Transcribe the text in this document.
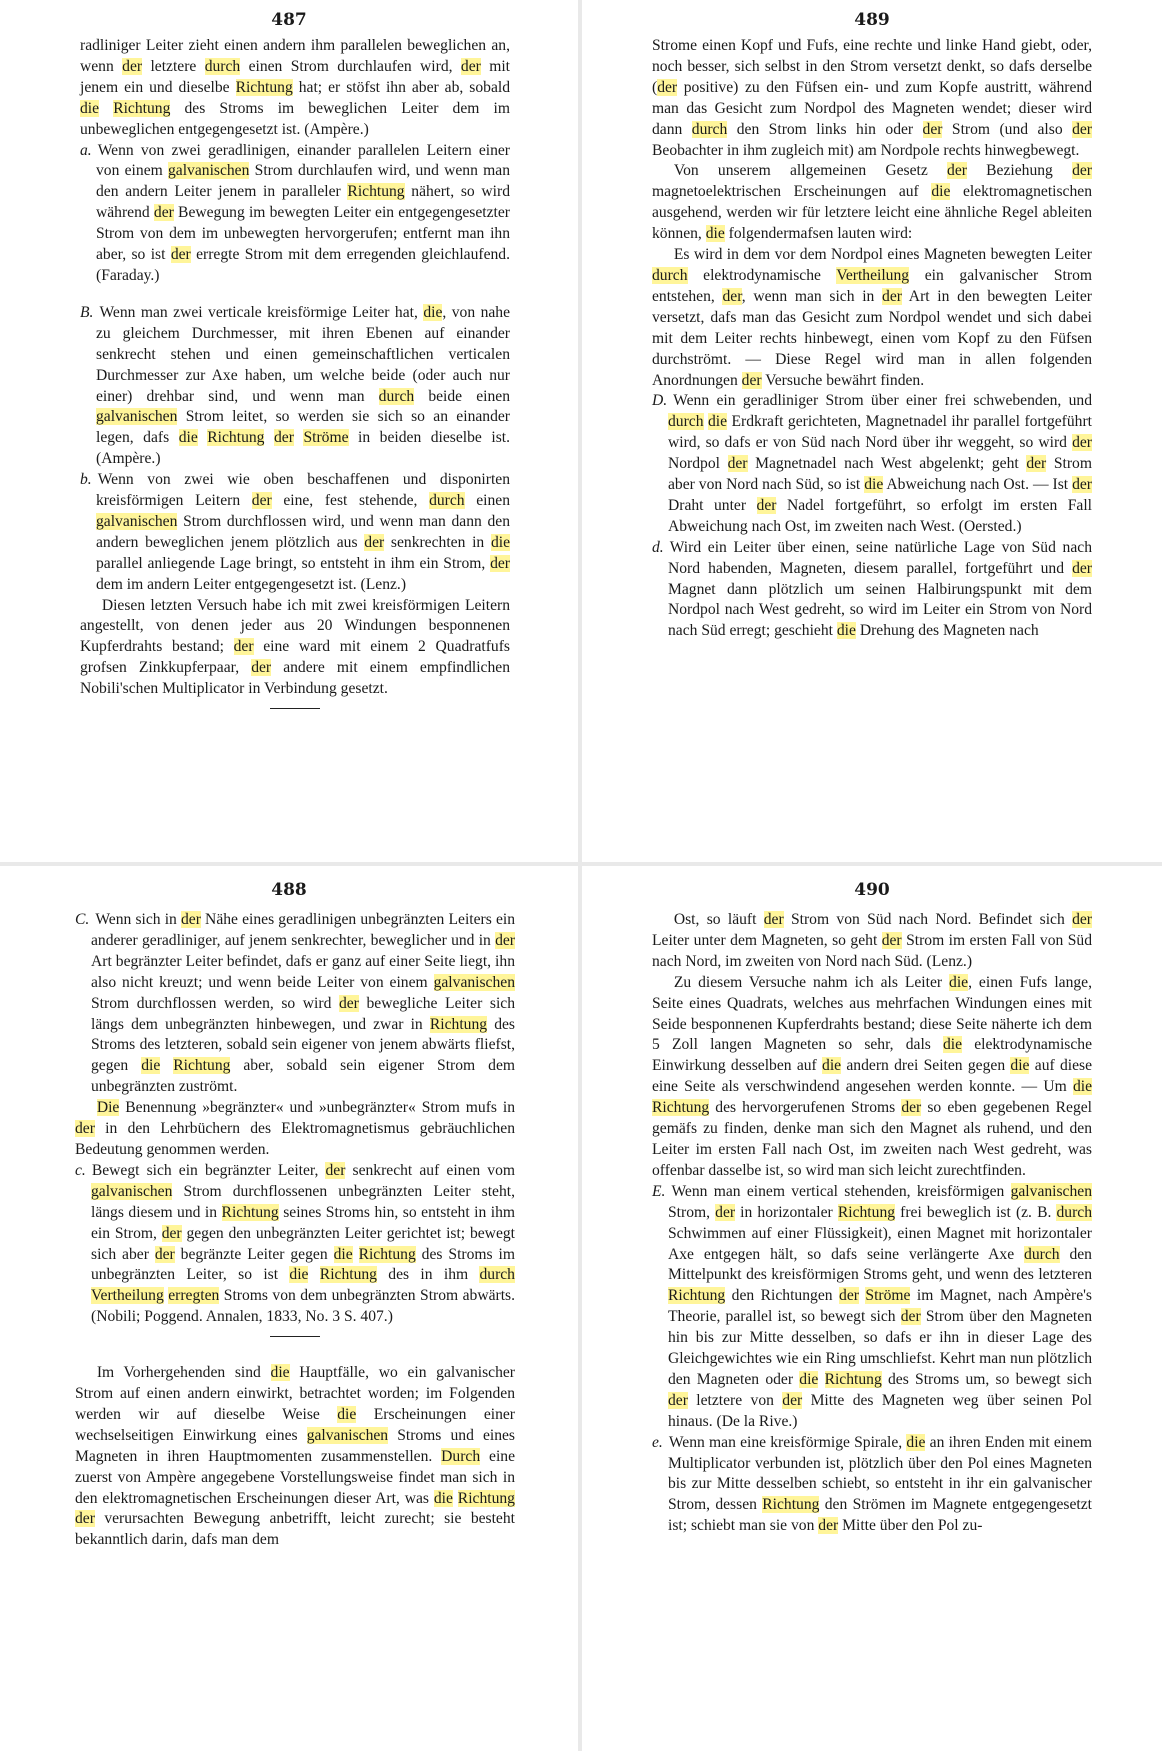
487

radliniger Leiter zieht einen andern ihm parallelen beweglichen an, wenn der letztere durch einen Strom durchlaufen wird, der mit jenem ein und dieselbe Richtung hat; er stöfst ihn aber ab, sobald die Richtung des Stroms im beweglichen Leiter dem im unbeweglichen entgegengesetzt ist. (Ampère.)

a. Wenn von zwei geradlinigen, einander parallelen Leitern einer von einem galvanischen Strom durchlaufen wird, und wenn man den andern Leiter jenem in paralleler Richtung nähert, so wird während der Bewegung im bewegten Leiter ein entgegengesetzter Strom von dem im unbewegten hervorgerufen; entfernt man ihn aber, so ist der erregte Strom mit dem erregenden gleichlaufend. (Faraday.)

B. Wenn man zwei verticale kreisförmige Leiter hat, die, von nahe zu gleichem Durchmesser, mit ihren Ebenen auf einander senkrecht stehen und einen gemeinschaftlichen verticalen Durchmesser zur Axe haben, um welche beide (oder auch nur einer) drehbar sind, und wenn man durch beide einen galvanischen Strom leitet, so werden sie sich so an einander legen, dafs die Richtung der Ströme in beiden dieselbe ist. (Ampère.)

b. Wenn von zwei wie oben beschaffenen und disponirten kreisförmigen Leitern der eine, fest stehende, durch einen galvanischen Strom durchflossen wird, und wenn man dann den andern beweglichen jenem plötzlich aus der senkrechten in die parallel anliegende Lage bringt, so entsteht in ihm ein Strom, der dem im andern Leiter entgegengesetzt ist. (Lenz.)

Diesen letzten Versuch habe ich mit zwei kreisförmigen Leitern angestellt, von denen jeder aus 20 Windungen besponnenen Kupferdrahts bestand; der eine ward mit einem 2 Quadratfufs grofsen Zinkkupferpaar, der andere mit einem empfindlichen Nobili'schen Multiplicator in Verbindung gesetzt.

489

Strome einen Kopf und Fufs, eine rechte und linke Hand giebt, oder, noch besser, sich selbst in den Strom versetzt denkt, so dafs derselbe (der positive) zu den Füfsen ein- und zum Kopfe austritt, während man das Gesicht zum Nordpol des Magneten wendet; dieser wird dann durch den Strom links hin oder der Strom (und also der Beobachter in ihm zugleich mit) am Nordpole rechts hinwegbewegt.

Von unserem allgemeinen Gesetz der Beziehung der magnetoelektrischen Erscheinungen auf die elektromagnetischen ausgehend, werden wir für letztere leicht eine ähnliche Regel ableiten können, die folgendermafsen lauten wird:

Es wird in dem vor dem Nordpol eines Magneten bewegten Leiter durch elektrodynamische Vertheilung ein galvanischer Strom entstehen, der, wenn man sich in der Art in den bewegten Leiter versetzt, dafs man das Gesicht zum Nordpol wendet und sich dabei mit dem Leiter rechts hinbewegt, einen vom Kopf zu den Füfsen durchströmt. — Diese Regel wird man in allen folgenden Anordnungen der Versuche bewährt finden.

D. Wenn ein geradliniger Strom über einer frei schwebenden, und durch die Erdkraft gerichteten, Magnetnadel ihr parallel fortgeführt wird, so dafs er von Süd nach Nord über ihr weggeht, so wird der Nordpol der Magnetnadel nach West abgelenkt; geht der Strom aber von Nord nach Süd, so ist die Abweichung nach Ost. — Ist der Draht unter der Nadel fortgeführt, so erfolgt im ersten Fall Abweichung nach Ost, im zweiten nach West. (Oersted.)

d. Wird ein Leiter über einen, seine natürliche Lage von Süd nach Nord habenden, Magneten, diesem parallel, fortgeführt und der Magnet dann plötzlich um seinen Halbirungspunkt mit dem Nordpol nach West gedreht, so wird im Leiter ein Strom von Nord nach Süd erregt; geschieht die Drehung des Magneten nach

488

C. Wenn sich in der Nähe eines geradlinigen unbegränzten Leiters ein anderer geradliniger, auf jenem senkrechter, beweglicher und in der Art begränzter Leiter befindet, dafs er ganz auf einer Seite liegt, ihn also nicht kreuzt; und wenn beide Leiter von einem galvanischen Strom durchflossen werden, so wird der bewegliche Leiter sich längs dem unbegränzten hinbewegen, und zwar in Richtung des Stroms des letzteren, sobald sein eigener von jenem abwärts fliefst, gegen die Richtung aber, sobald sein eigener Strom dem unbegränzten zuströmt.

Die Benennung »begränzter« und »unbegränzter« Strom mufs in der in den Lehrbüchern des Elektromagnetismus gebräuchlichen Bedeutung genommen werden.

c. Bewegt sich ein begränzter Leiter, der senkrecht auf einen vom galvanischen Strom durchflossenen unbegränzten Leiter steht, längs diesem und in Richtung seines Stroms hin, so entsteht in ihm ein Strom, der gegen den unbegränzten Leiter gerichtet ist; bewegt sich aber der begränzte Leiter gegen die Richtung des Stroms im unbegränzten Leiter, so ist die Richtung des in ihm durch Vertheilung erregten Stroms von dem unbegränzten Strom abwärts. (Nobili; Poggend. Annalen, 1833, No. 3 S. 407.)

Im Vorhergehenden sind die Hauptfälle, wo ein galvanischer Strom auf einen andern einwirkt, betrachtet worden; im Folgenden werden wir auf dieselbe Weise die Erscheinungen einer wechselseitigen Einwirkung eines galvanischen Stroms und eines Magneten in ihren Hauptmomenten zusammenstellen. Durch eine zuerst von Ampère angegebene Vorstellungsweise findet man sich in den elektromagnetischen Erscheinungen dieser Art, was die Richtung der verursachten Bewegung anbetrifft, leicht zurecht; sie besteht bekanntlich darin, dafs man dem

490

Ost, so läuft der Strom von Süd nach Nord. Befindet sich der Leiter unter dem Magneten, so geht der Strom im ersten Fall von Süd nach Nord, im zweiten von Nord nach Süd. (Lenz.)

Zu diesem Versuche nahm ich als Leiter die, einen Fufs lange, Seite eines Quadrats, welches aus mehrfachen Windungen eines mit Seide besponnenen Kupferdrahts bestand; diese Seite näherte ich dem 5 Zoll langen Magneten so sehr, dals die elektrodynamische Einwirkung desselben auf die andern drei Seiten gegen die auf diese eine Seite als verschwindend angesehen werden konnte. — Um die Richtung des hervorgerufenen Stroms der so eben gegebenen Regel gemäfs zu finden, denke man sich den Magnet als ruhend, und den Leiter im ersten Fall nach Ost, im zweiten nach West gedreht, was offenbar dasselbe ist, so wird man sich leicht zurechtfinden.

E. Wenn man einem vertical stehenden, kreisförmigen galvanischen Strom, der in horizontaler Richtung frei beweglich ist (z. B. durch Schwimmen auf einer Flüssigkeit), einen Magnet mit horizontaler Axe entgegen hält, so dafs seine verlängerte Axe durch den Mittelpunkt des kreisförmigen Stroms geht, und wenn des letzteren Richtung den Richtungen der Ströme im Magnet, nach Ampère's Theorie, parallel ist, so bewegt sich der Strom über den Magneten hin bis zur Mitte desselben, so dafs er ihn in dieser Lage des Gleichgewichtes wie ein Ring umschliefst. Kehrt man nun plötzlich den Magneten oder die Richtung des Stroms um, so bewegt sich der letztere von der Mitte des Magneten weg über seinen Pol hinaus. (De la Rive.)

e. Wenn man eine kreisförmige Spirale, die an ihren Enden mit einem Multiplicator verbunden ist, plötzlich über den Pol eines Magneten bis zur Mitte desselben schiebt, so entsteht in ihr ein galvanischer Strom, dessen Richtung den Strömen im Magnete entgegengesetzt ist; schiebt man sie von der Mitte über den Pol zu-
